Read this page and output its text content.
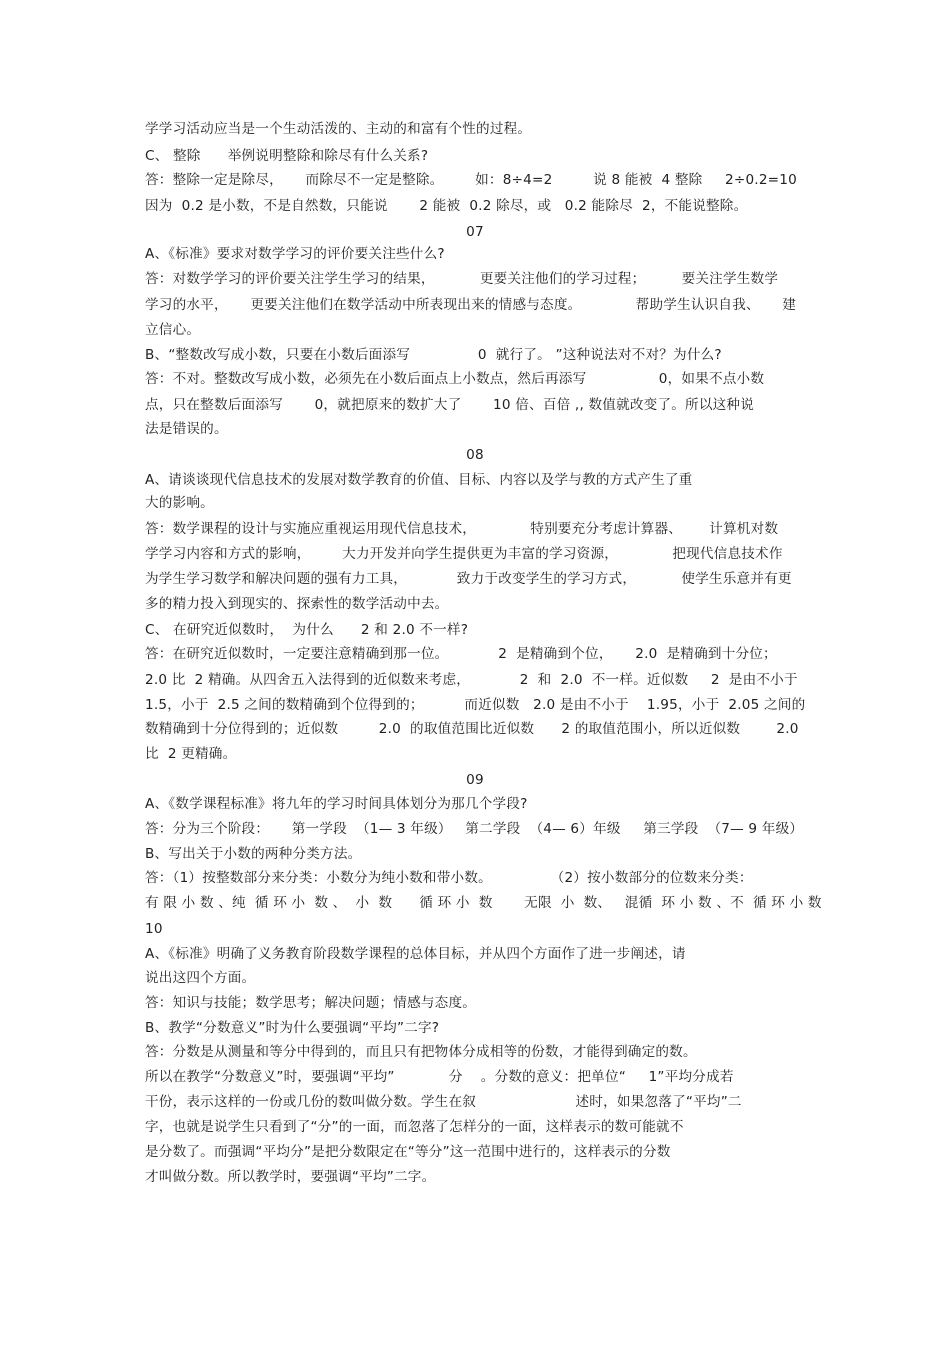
学学习活动应当是一个生动活泼的、主动的和富有个性的过程。
C、 整除      举例说明整除和除尽有什么关系?
答：整除一定是除尽，     而除尽不一定是整除。       如：8÷4=2         说 8 能被  4 整除     2÷0.2=10
因为  0.2 是小数，不是自然数，只能说       2 能被  0.2 除尽，或   0.2 能除尽  2，不能说整除。
07
A、《标准》要求对数学学习的评价要关注些什么?
答：对数学学习的评价要关注学生学习的结果，          更要关注他们的学习过程；        要关注学生数学
学习的水平，     更要关注他们在数学活动中所表现出来的情感与态度。            帮助学生认识自我、     建
立信心。
B、“整数改写成小数，只要在小数后面添写               0  就行了。 ”这种说法对不对？为什么?
答：不对。整数改写成小数，必须先在小数后面点上小数点，然后再添写                0，如果不点小数
点，只在整数后面添写       0，就把原来的数扩大了       10 倍、百倍 ,, 数值就改变了。所以这种说
法是错误的。
08
A、请谈谈现代信息技术的发展对数学教育的价值、目标、内容以及学与教的方式产生了重
大的影响。
答：数学课程的设计与实施应重视运用现代信息技术，            特别要充分考虑计算器、      计算机对数
学学习内容和方式的影响，       大力开发并向学生提供更为丰富的学习资源，            把现代信息技术作
为学生学习数学和解决问题的强有力工具，           致力于改变学生的学习方式，          使学生乐意并有更
多的精力投入到现实的、探索性的数学活动中去。
C、 在研究近似数时，  为什么      2 和 2.0 不一样?
答：在研究近似数时，一定要注意精确到那一位。           2  是精确到个位，     2.0  是精确到十分位；
2.0 比  2 精确。从四舍五入法得到的近似数来考虑，           2  和  2.0  不一样。近似数     2  是由不小于
1.5，小于  2.5 之间的数精确到个位得到的；         而近似数   2.0 是由不小于    1.95，小于  2.05 之间的
数精确到十分位得到的；近似数         2.0  的取值范围比近似数      2 的取值范围小，所以近似数        2.0
比  2 更精确。
09
A、《数学课程标准》将九年的学习时间具体划分为那几个学段?
答：分为三个阶段：     第一学段  （1— 3 年级）   第二学段  （4— 6）年级     第三学段  （7— 9 年级）
B、写出关于小数的两种分类方法。
答：（1）按整数部分来分类：小数分为纯小数和带小数。             （2）按小数部分的位数来分类：
有 限 小 数 、纯  循 环 小  数 、  小  数      循 环 小  数       无限  小  数、   混循  环 小 数 、不  循 环 小 数
10
A、《标准》明确了义务教育阶段数学课程的总体目标，并从四个方面作了进一步阐述，请
说出这四个方面。
答：知识与技能；数学思考；解决问题；情感与态度。
B、教学“分数意义”时为什么要强调“平均”二字?
答：分数是从测量和等分中得到的，而且只有把物体分成相等的份数，才能得到确定的数。
所以在教学“分数意义”时，要强调“平均”            分    。分数的意义：把单位“     1”平均分成若
干份，表示这样的一份或几份的数叫做分数。学生在叙                      述时，如果忽落了“平均”二
字，也就是说学生只看到了“分”的一面，而忽落了怎样分的一面，这样表示的数可能就不
是分数了。而强调“平均分”是把分数限定在“等分”这一范围中进行的，这样表示的分数
才叫做分数。所以教学时，要强调“平均”二字。
